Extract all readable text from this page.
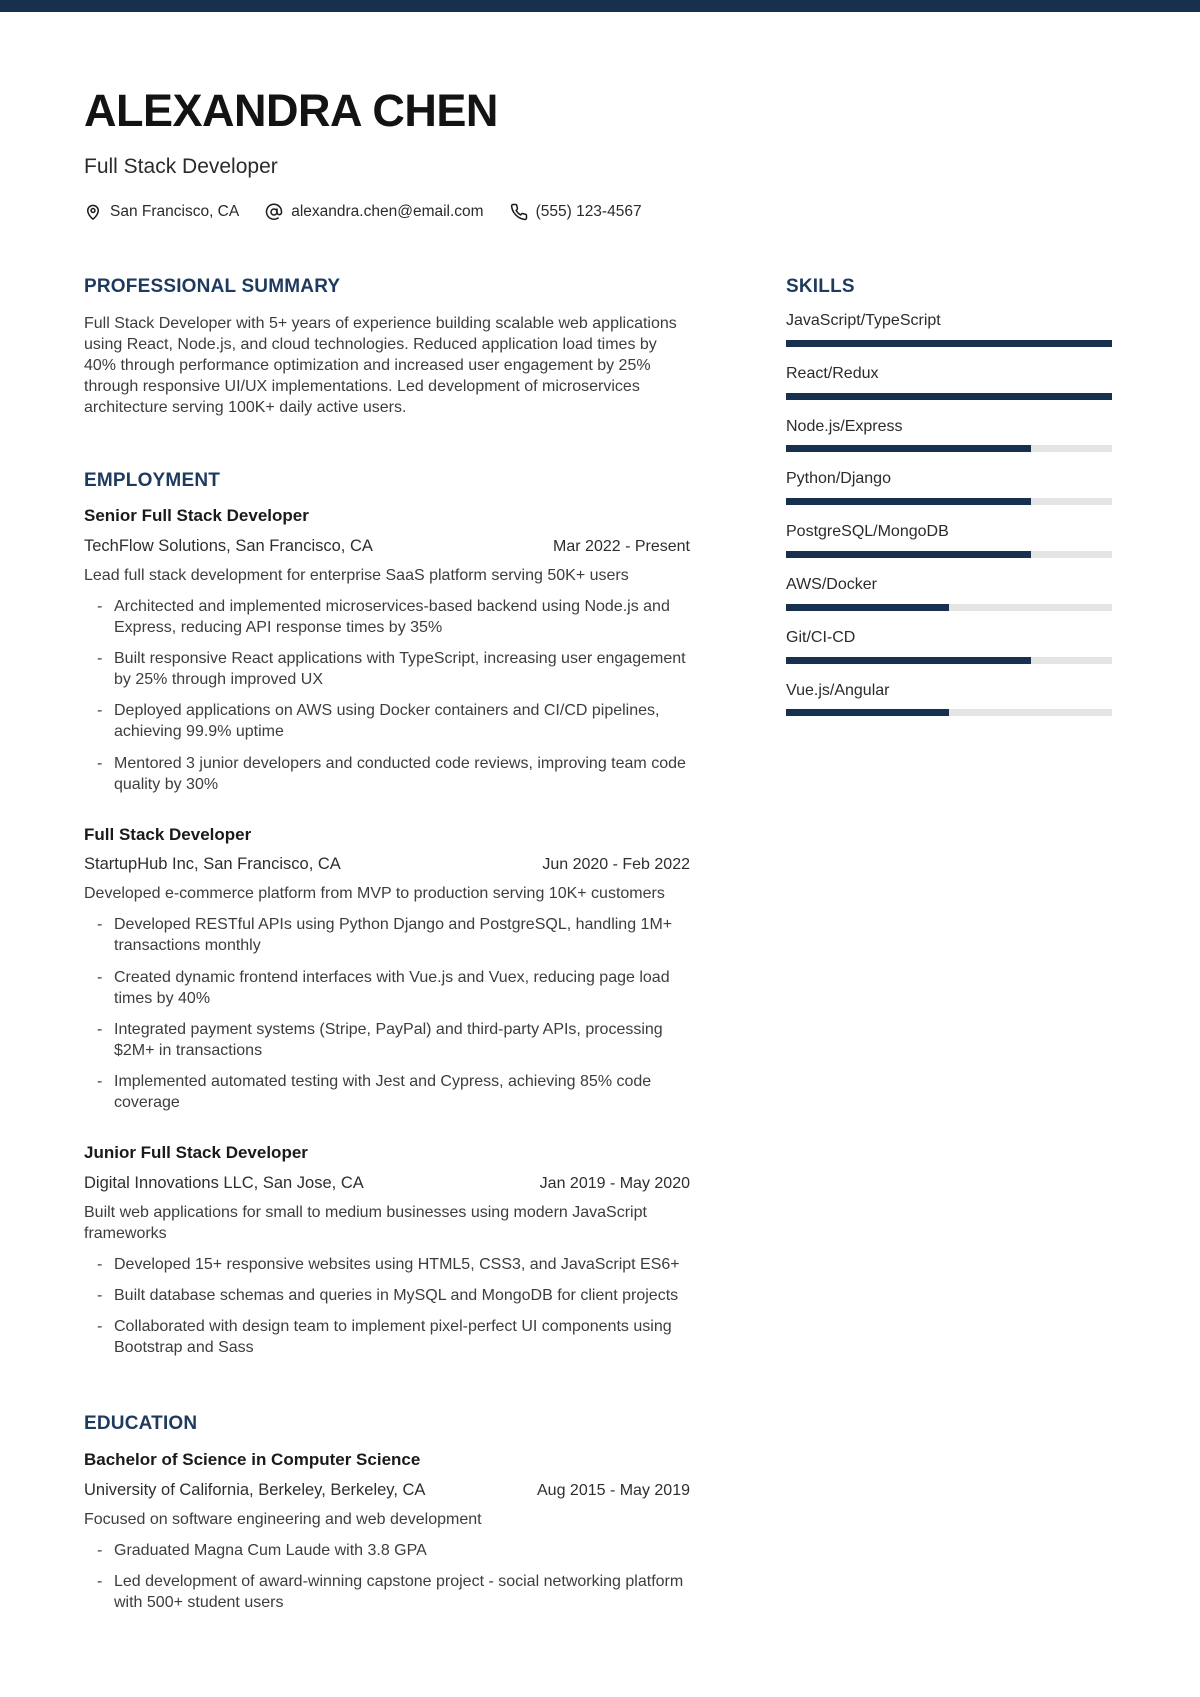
ALEXANDRA CHEN
Full Stack Developer
San Francisco, CA	alexandra.chen@email.com	(555) 123-4567
PROFESSIONAL SUMMARY

Full Stack Developer with 5+ years of experience building scalable web applications using React, Node.js, and cloud technologies. Reduced application load times by 40% through performance optimization and increased user engagement by 25% through responsive UI/UX implementations. Led development of microservices architecture serving 100K+ daily active users.

EMPLOYMENT
Senior Full Stack Developer
TechFlow Solutions, San Francisco, CA	Mar 2022 - Present

Lead full stack development for enterprise SaaS platform serving 50K+ users

- Architected and implemented microservices-based backend using Node.js and Express, reducing API response times by 35%
- Built responsive React applications with TypeScript, increasing user engagement by 25% through improved UX
- Deployed applications on AWS using Docker containers and CI/CD pipelines, achieving 99.9% uptime
- Mentored 3 junior developers and conducted code reviews, improving team code quality by 30%
Full Stack Developer
StartupHub Inc, San Francisco, CA	Jun 2020 - Feb 2022

Developed e-commerce platform from MVP to production serving 10K+ customers

- Developed RESTful APIs using Python Django and PostgreSQL, handling 1M+ transactions monthly
- Created dynamic frontend interfaces with Vue.js and Vuex, reducing page load times by 40%
- Integrated payment systems (Stripe, PayPal) and third-party APIs, processing $2M+ in transactions
- Implemented automated testing with Jest and Cypress, achieving 85% code coverage
Junior Full Stack Developer
Digital Innovations LLC, San Jose, CA	Jan 2019 - May 2020

Built web applications for small to medium businesses using modern JavaScript frameworks

- Developed 15+ responsive websites using HTML5, CSS3, and JavaScript ES6+
- Built database schemas and queries in MySQL and MongoDB for client projects
- Collaborated with design team to implement pixel-perfect UI components using Bootstrap and Sass
EDUCATION
Bachelor of Science in Computer Science
University of California, Berkeley, Berkeley, CA	Aug 2015 - May 2019

Focused on software engineering and web development

- Graduated Magna Cum Laude with 3.8 GPA
- Led development of award-winning capstone project - social networking platform with 500+ student users
SKILLS
JavaScript/TypeScript
React/Redux
Node.js/Express
Python/Django
PostgreSQL/MongoDB
AWS/Docker
Git/CI-CD
Vue.js/Angular
